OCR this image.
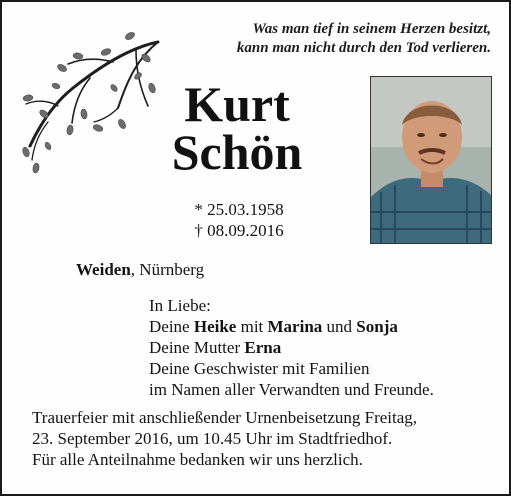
Was man tief in seinem Herzen besitzt,
kann man nicht durch den Tod verlieren.
Kurt
Schön
* 25.03.1958
† 08.09.2016
Weiden, Nürnberg
In Liebe:
Deine Heike mit Marina und Sonja
Deine Mutter Erna
Deine Geschwister mit Familien
im Namen aller Verwandten und Freunde.
Trauerfeier mit anschließender Urnenbeisetzung Freitag,
23. September 2016, um 10.45 Uhr im Stadtfriedhof.
Für alle Anteilnahme bedanken wir uns herzlich.
